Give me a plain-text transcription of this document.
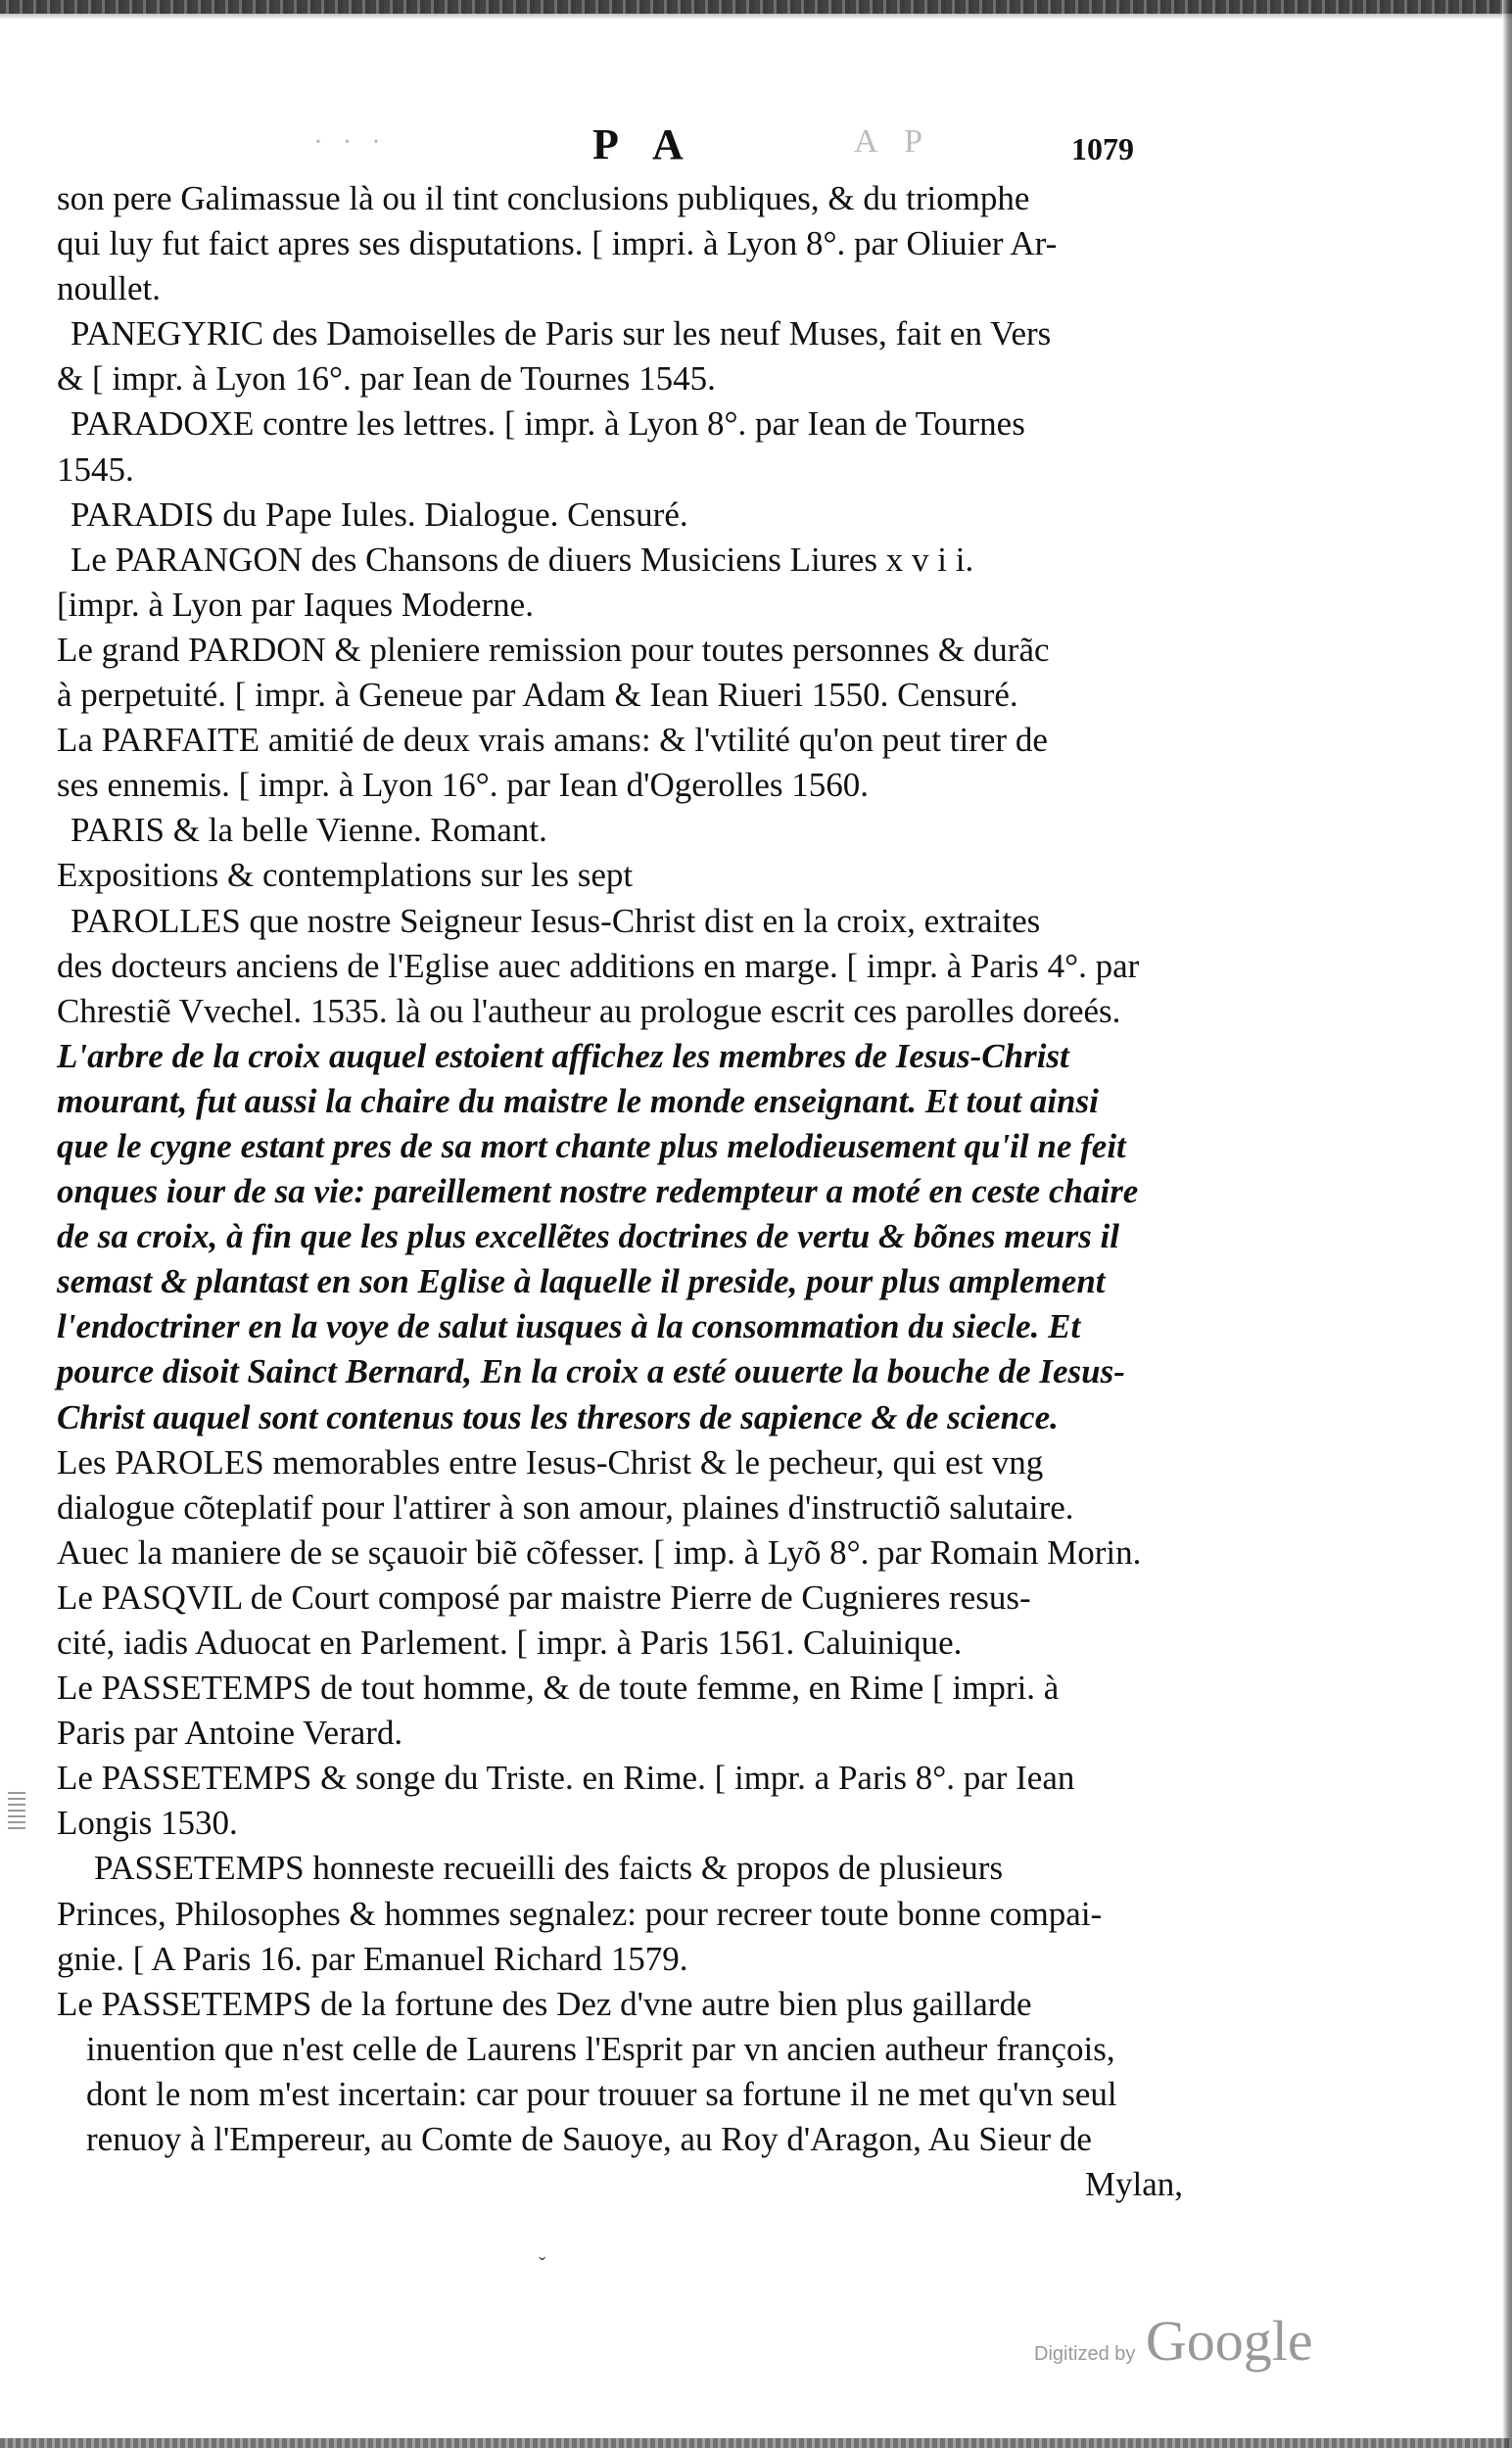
· · ·	P A	A P	1079
son pere Galimassue là ou il tint conclusions publiques, & du triomphe
qui luy fut faict apres ses disputations. [ impri. à Lyon 8°. par Oliuier Ar-
noullet.
PANEGYRIC des Damoiselles de Paris sur les neuf Muses, fait en Vers
& [ impr. à Lyon 16°. par Iean de Tournes 1545.
PARADOXE contre les lettres. [ impr. à Lyon 8°. par Iean de Tournes
1545.
PARADIS du Pape Iules. Dialogue. Censuré.
Le PARANGON des Chansons de diuers Musiciens Liures x v i i.
[impr. à Lyon par Iaques Moderne.
Le grand PARDON & pleniere remission pour toutes personnes & durãc
à perpetuité. [ impr. à Geneue par Adam & Iean Riueri 1550. Censuré.
La PARFAITE amitié de deux vrais amans: & l'vtilité qu'on peut tirer de
ses ennemis. [ impr. à Lyon 16°. par Iean d'Ogerolles 1560.
PARIS & la belle Vienne. Romant.
Expositions & contemplations sur les sept
PAROLLES que nostre Seigneur Iesus-Christ dist en la croix, extraites
des docteurs anciens de l'Eglise auec additions en marge. [ impr. à Paris 4°. par
Chrestiẽ Vvechel. 1535. là ou l'autheur au prologue escrit ces parolles doreés.
L'arbre de la croix auquel estoient affichez les membres de Iesus-Christ
mourant, fut aussi la chaire du maistre le monde enseignant. Et tout ainsi
que le cygne estant pres de sa mort chante plus melodieusement qu'il ne feit
onques iour de sa vie: pareillement nostre redempteur a moté en ceste chaire
de sa croix, à fin que les plus excellẽtes doctrines de vertu & bõnes meurs il
semast & plantast en son Eglise à laquelle il preside, pour plus amplement
l'endoctriner en la voye de salut iusques à la consommation du siecle. Et
pource disoit Sainct Bernard, En la croix a esté ouuerte la bouche de Iesus-
Christ auquel sont contenus tous les thresors de sapience & de science.
Les PAROLES memorables entre Iesus-Christ & le pecheur, qui est vng
dialogue cõteplatif pour l'attirer à son amour, plaines d'instructiõ salutaire.
Auec la maniere de se sçauoir biẽ cõfesser. [ imp. à Lyõ 8°. par Romain Morin.
Le PASQVIL de Court composé par maistre Pierre de Cugnieres resus-
cité, iadis Aduocat en Parlement. [ impr. à Paris 1561. Caluinique.
Le PASSETEMPS de tout homme, & de toute femme, en Rime [ impri. à
Paris par Antoine Verard.
Le PASSETEMPS & songe du Triste. en Rime. [ impr. a Paris 8°. par Iean
Longis 1530.
PASSETEMPS honneste recueilli des faicts & propos de plusieurs
Princes, Philosophes & hommes segnalez: pour recreer toute bonne compai-
gnie. [ A Paris 16. par Emanuel Richard 1579.
Le PASSETEMPS de la fortune des Dez d'vne autre bien plus gaillarde
inuention que n'est celle de Laurens l'Esprit par vn ancien autheur françois,
dont le nom m'est incertain: car pour trouuer sa fortune il ne met qu'vn seul
renuoy à l'Empereur, au Comte de Sauoye, au Roy d'Aragon, Au Sieur de
Mylan,
ˇ
Digitized by Google
